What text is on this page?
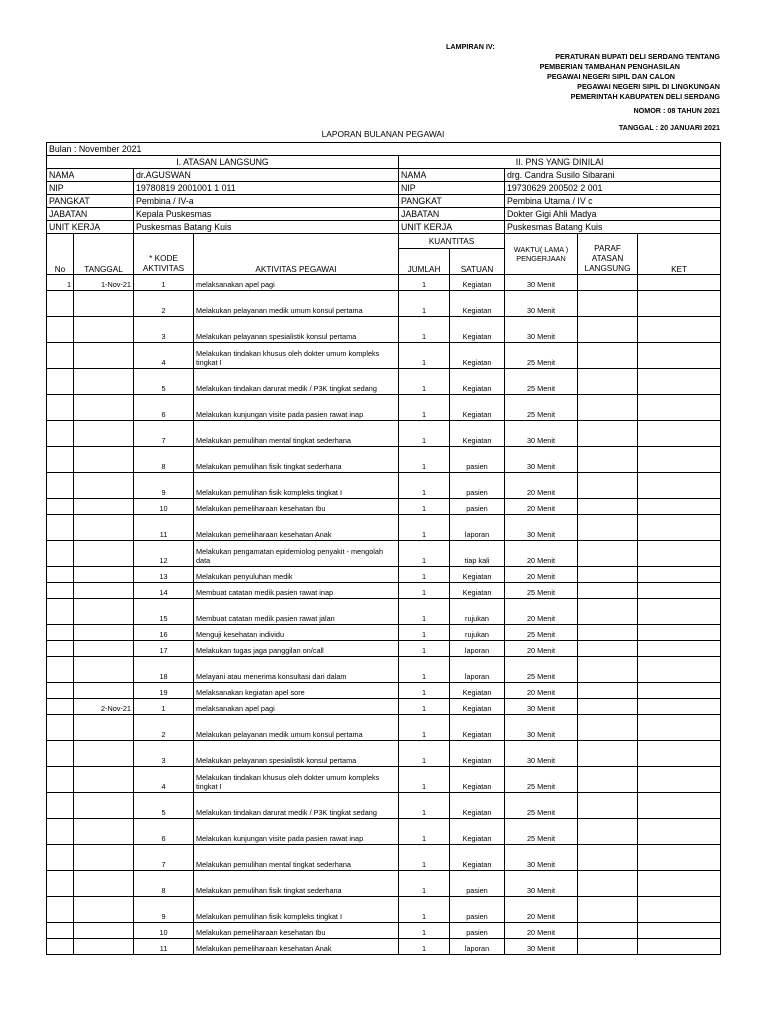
LAMPIRAN IV:
PERATURAN BUPATI DELI SERDANG TENTANG
PEMBERIAN TAMBAHAN PENGHASILAN
PEGAWAI NEGERI SIPIL DAN CALON
PEGAWAI NEGERI SIPIL DI LINGKUNGAN
PEMERINTAH KABUPATEN DELI SERDANG
NOMOR : 08 TAHUN 2021
TANGGAL : 20 JANUARI 2021
LAPORAN BULANAN PEGAWAI
Bulan : November 2021								
I. ATASAN LANGSUNG				II. PNS YANG DINILAI				
NAMA		dr.AGUSWAN		NAMA		drg. Candra Susilo Sibarani		
NIP		19780819 2001001 1 011		NIP		19730629 200502 2 001		
PANGKAT		Pembina / IV-a		PANGKAT		Pembina Utama / IV c		
JABATAN		Kepala Puskesmas		JABATAN		Dokter Gigi Ahli Madya		
UNIT KERJA		Puskesmas Batang Kuis		UNIT KERJA		Puskesmas Batang Kuis		
No	TANGGAL	* KODE AKTIVITAS	AKTIVITAS PEGAWAI	KUANTITAS		WAKTU( LAMA ) PENGERJAAN	PARAF ATASAN LANGSUNG	KET
				JUMLAH	SATUAN			
1	1-Nov-21	1	melaksanakan apel pagi	1	Kegiatan	30 Menit		
		2	Melakukan pelayanan medik umum konsul pertama	1	Kegiatan	30 Menit		
		3	Melakukan pelayanan spesialistik konsul pertama	1	Kegiatan	30 Menit		
		4	Melakukan tindakan khusus oleh dokter umum kompleks tingkat I	1	Kegiatan	25 Menit		
		5	Melakukan tindakan darurat medik / P3K tingkat sedang	1	Kegiatan	25 Menit		
		6	Melakukan kunjungan visite pada pasien rawat inap	1	Kegiatan	25 Menit		
		7	Melakukan pemulihan mental tingkat sederhana	1	Kegiatan	30 Menit		
		8	Melakukan pemulihan fisik tingkat sederhana	1	pasien	30 Menit		
		9	Melakukan pemulihan fisik kompleks tingkat I	1	pasien	20 Menit		
		10	Melakukan pemeliharaan kesehatan Ibu	1	pasien	20 Menit		
		11	Melakukan pemeliharaan kesehatan Anak	1	laporan	30 Menit		
		12	Melakukan pengamatan epidemiolog penyakit - mengolah data	1	tiap kali	20 Menit		
		13	Melakukan penyuluhan medik	1	Kegiatan	20 Menit		
		14	Membuat catatan medik pasien rawat inap	1	Kegiatan	25 Menit		
		15	Membuat catatan medik pasien rawat jalan	1	rujukan	20 Menit		
		16	Menguji kesehatan individu	1	rujukan	25 Menit		
		17	Melakukan tugas jaga panggilan on/call	1	laporan	20 Menit		
		18	Melayani atau menerima konsultasi dari dalam	1	laporan	25 Menit		
		19	Melaksanakan kegiatan apel sore	1	Kegiatan	20 Menit		
	2-Nov-21	1	melaksanakan apel pagi	1	Kegiatan	30 Menit		
		2	Melakukan pelayanan medik umum konsul pertama	1	Kegiatan	30 Menit		
		3	Melakukan pelayanan spesialistik konsul pertama	1	Kegiatan	30 Menit		
		4	Melakukan tindakan khusus oleh dokter umum kompleks tingkat I	1	Kegiatan	25 Menit		
		5	Melakukan tindakan darurat medik / P3K tingkat sedang	1	Kegiatan	25 Menit		
		6	Melakukan kunjungan visite pada pasien rawat inap	1	Kegiatan	25 Menit		
		7	Melakukan pemulihan mental tingkat sederhana	1	Kegiatan	30 Menit		
		8	Melakukan pemulihan fisik tingkat sederhana	1	pasien	30 Menit		
		9	Melakukan pemulihan fisik kompleks tingkat I	1	pasien	20 Menit		
		10	Melakukan pemeliharaan kesehatan Ibu	1	pasien	20 Menit		
		11	Melakukan pemeliharaan kesehatan Anak	1	laporan	30 Menit		
